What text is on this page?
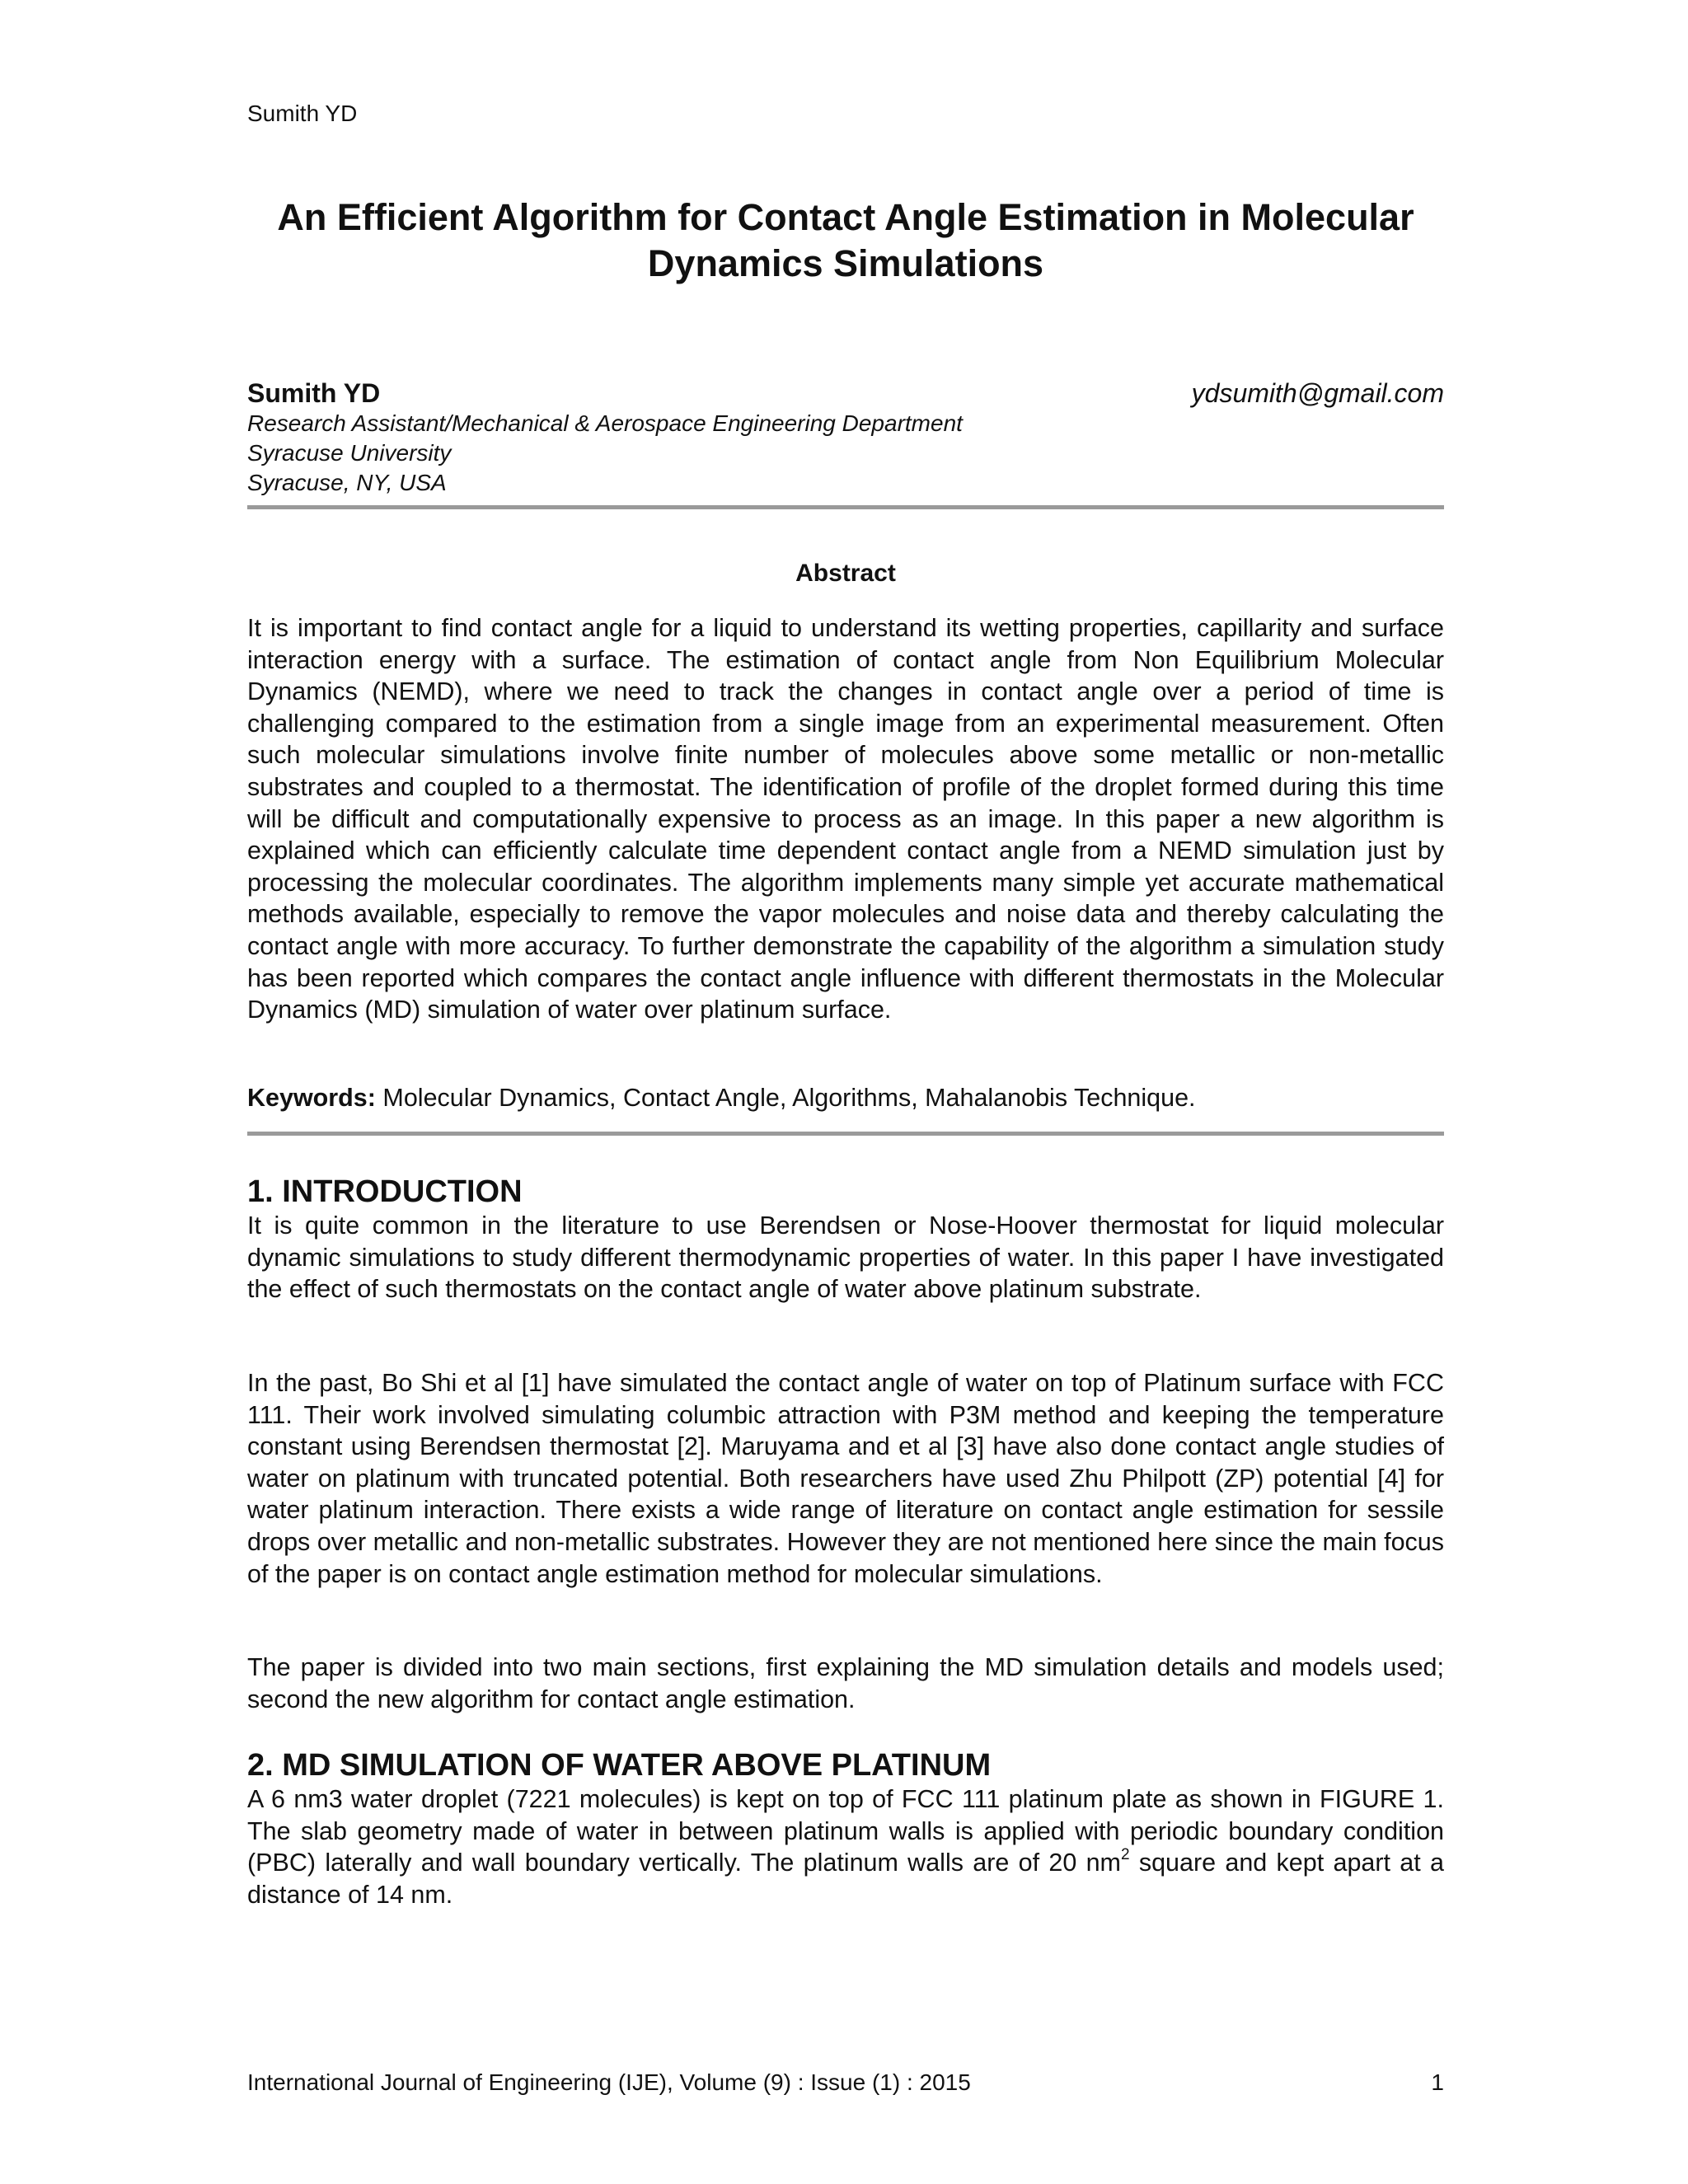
Sumith YD
An Efficient Algorithm for Contact Angle Estimation in Molecular Dynamics Simulations
Sumith YD	ydsumith@gmail.com
Research Assistant/Mechanical & Aerospace Engineering Department
Syracuse University
Syracuse, NY, USA
Abstract

It is important to find contact angle for a liquid to understand its wetting properties, capillarity and surface interaction energy with a surface. The estimation of contact angle from Non Equilibrium Molecular Dynamics (NEMD), where we need to track the changes in contact angle over a period of time is challenging compared to the estimation from a single image from an experimental measurement. Often such molecular simulations involve finite number of molecules above some metallic or non-metallic substrates and coupled to a thermostat. The identification of profile of the droplet formed during this time will be difficult and computationally expensive to process as an image. In this paper a new algorithm is explained which can efficiently calculate time dependent contact angle from a NEMD simulation just by processing the molecular coordinates. The algorithm implements many simple yet accurate mathematical methods available, especially to remove the vapor molecules and noise data and thereby calculating the contact angle with more accuracy. To further demonstrate the capability of the algorithm a simulation study has been reported which compares the contact angle influence with different thermostats in the Molecular Dynamics (MD) simulation of water over platinum surface.

Keywords: Molecular Dynamics, Contact Angle, Algorithms, Mahalanobis Technique.

1. INTRODUCTION

It is quite common in the literature to use Berendsen or Nose-Hoover thermostat for liquid molecular dynamic simulations to study different thermodynamic properties of water. In this paper I have investigated the effect of such thermostats on the contact angle of water above platinum substrate.

In the past, Bo Shi et al [1] have simulated the contact angle of water on top of Platinum surface with FCC 111. Their work involved simulating columbic attraction with P3M method and keeping the temperature constant using Berendsen thermostat [2]. Maruyama and et al [3] have also done contact angle studies of water on platinum with truncated potential. Both researchers have used Zhu Philpott (ZP) potential [4] for water platinum interaction. There exists a wide range of literature on contact angle estimation for sessile drops over metallic and non-metallic substrates. However they are not mentioned here since the main focus of the paper is on contact angle estimation method for molecular simulations.

The paper is divided into two main sections, first explaining the MD simulation details and models used; second the new algorithm for contact angle estimation.

2. MD SIMULATION OF WATER ABOVE PLATINUM

A 6 nm3 water droplet (7221 molecules) is kept on top of FCC 111 platinum plate as shown in FIGURE 1. The slab geometry made of water in between platinum walls is applied with periodic boundary condition (PBC) laterally and wall boundary vertically. The platinum walls are of 20 $nm^2$ square and kept apart at a distance of 14 nm.

International Journal of Engineering (IJE), Volume (9) : Issue (1) : 2015	1
